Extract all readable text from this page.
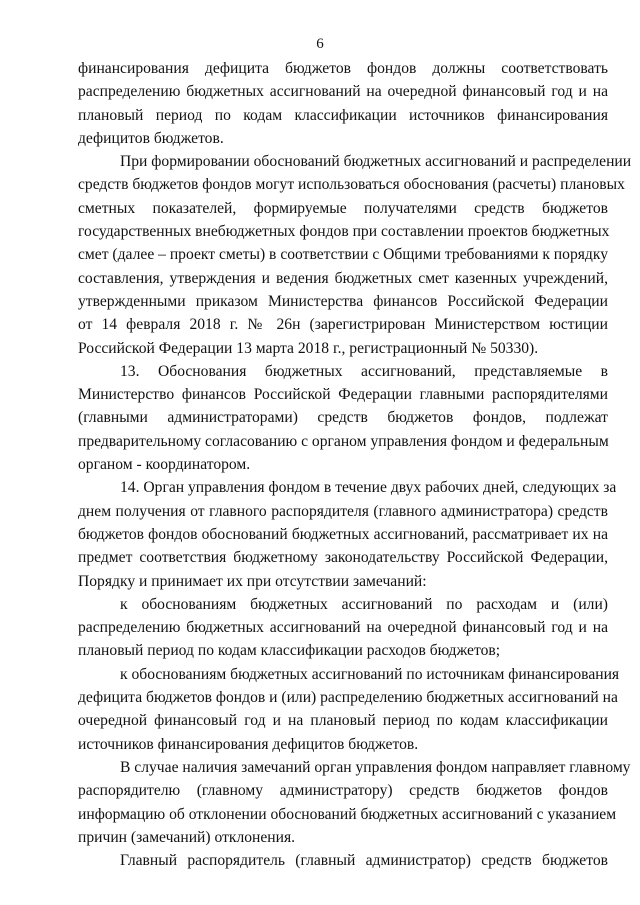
6
финансирования дефицита бюджетов фондов должны соответствовать
распределению бюджетных ассигнований на очередной финансовый год и на
плановый период по кодам классификации источников финансирования
дефицитов бюджетов.
При формировании обоснований бюджетных ассигнований и распределении
средств бюджетов фондов могут использоваться обоснования (расчеты) плановых
сметных показателей, формируемые получателями средств бюджетов
государственных внебюджетных фондов при составлении проектов бюджетных
смет (далее – проект сметы) в соответствии с Общими требованиями к порядку
составления, утверждения и ведения бюджетных смет казенных учреждений,
утвержденными приказом Министерства финансов Российской Федерации
от 14 февраля 2018 г. № 26н (зарегистрирован Министерством юстиции
Российской Федерации 13 марта 2018 г., регистрационный № 50330).
13. Обоснования бюджетных ассигнований, представляемые в
Министерство финансов Российской Федерации главными распорядителями
(главными администраторами) средств бюджетов фондов, подлежат
предварительному согласованию с органом управления фондом и федеральным
органом - координатором.
14. Орган управления фондом в течение двух рабочих дней, следующих за
днем получения от главного распорядителя (главного администратора) средств
бюджетов фондов обоснований бюджетных ассигнований, рассматривает их на
предмет соответствия бюджетному законодательству Российской Федерации,
Порядку и принимает их при отсутствии замечаний:
к обоснованиям бюджетных ассигнований по расходам и (или)
распределению бюджетных ассигнований на очередной финансовый год и на
плановый период по кодам классификации расходов бюджетов;
к обоснованиям бюджетных ассигнований по источникам финансирования
дефицита бюджетов фондов и (или) распределению бюджетных ассигнований на
очередной финансовый год и на плановый период по кодам классификации
источников финансирования дефицитов бюджетов.
В случае наличия замечаний орган управления фондом направляет главному
распорядителю (главному администратору) средств бюджетов фондов
информацию об отклонении обоснований бюджетных ассигнований с указанием
причин (замечаний) отклонения.
Главный распорядитель (главный администратор) средств бюджетов
